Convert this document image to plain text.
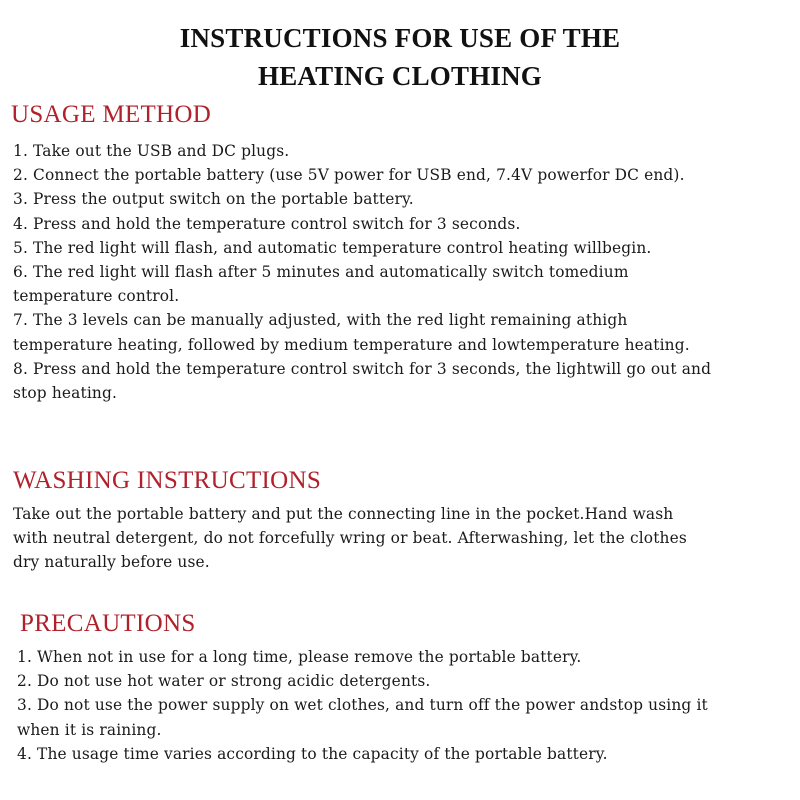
INSTRUCTIONS FOR USE OF THE
HEATING CLOTHING
USAGE METHOD
1. Take out the USB and DC plugs.
2. Connect the portable battery (use 5V power for USB end, 7.4V powerfor DC end).
3. Press the output switch on the portable battery.
4. Press and hold the temperature control switch for 3 seconds.
5. The red light will flash, and automatic temperature control heating willbegin.
6. The red light will flash after 5 minutes and automatically switch tomedium
temperature control.
7. The 3 levels can be manually adjusted, with the red light remaining athigh
temperature heating, followed by medium temperature and lowtemperature heating.
8. Press and hold the temperature control switch for 3 seconds, the lightwill go out and
stop heating.
WASHING INSTRUCTIONS
Take out the portable battery and put the connecting line in the pocket.Hand wash
with neutral detergent, do not forcefully wring or beat. Afterwashing, let the clothes
dry naturally before use.
PRECAUTIONS
1. When not in use for a long time, please remove the portable battery.
2. Do not use hot water or strong acidic detergents.
3. Do not use the power supply on wet clothes, and turn off the power andstop using it
when it is raining.
4. The usage time varies according to the capacity of the portable battery.
